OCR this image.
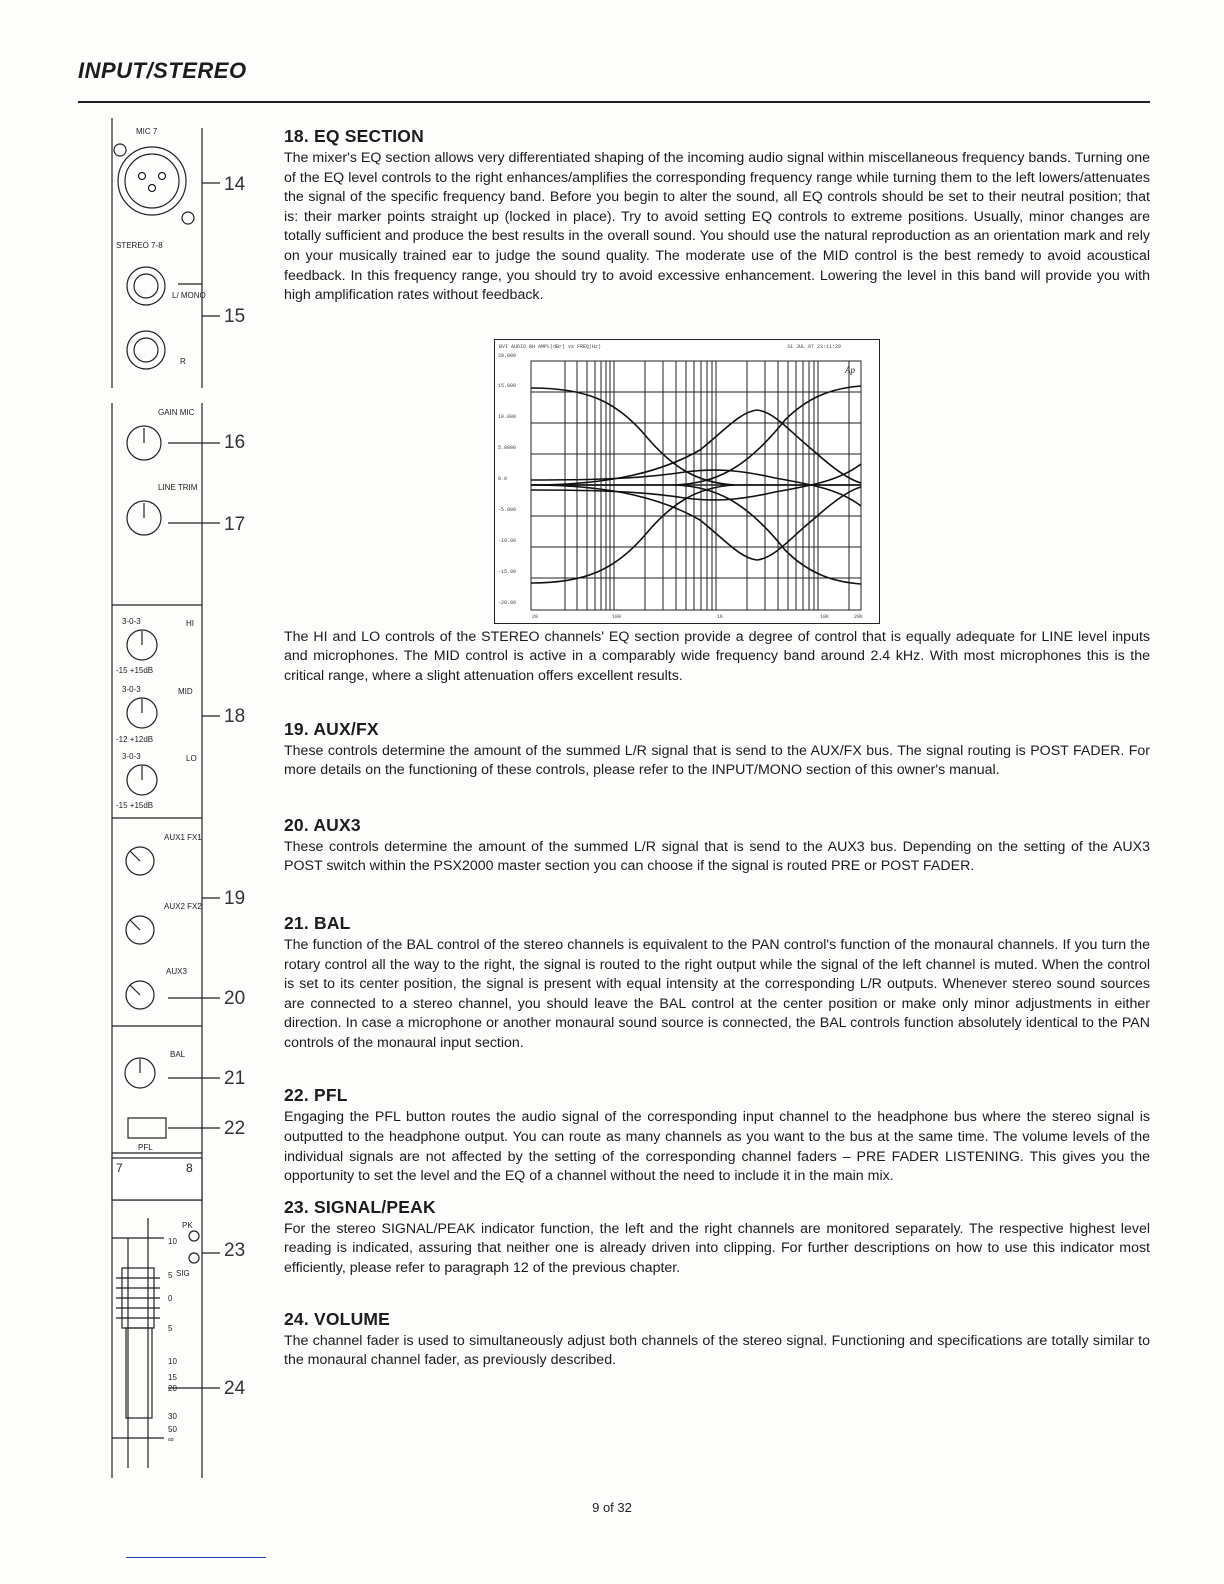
INPUT/STEREO
MIC 7
STEREO 7-8
L/ MONO
R
GAIN MIC
LINE TRIM
HI
3-0-3
-15 +15dB
MID
3-0-3
-12 +12dB
LO
3-0-3
-15 +15dB
AUX1 FX1
AUX2 FX2
AUX3
BAL
PFL
7	8
PK
SIG
10
5
0
5
10
15
20
30
50
∞
14
15
16
17
18
19
20
21
22
23
24
18. EQ SECTION

The mixer's EQ section allows very differentiated shaping of the incoming audio signal within miscellaneous frequency bands. Turning one of the EQ level controls to the right enhances/amplifies the corresponding frequency range while turning them to the left lowers/attenuates the signal of the specific frequency band. Before you begin to alter the sound, all EQ controls should be set to their neutral position; that is: their marker points straight up (locked in place). Try to avoid setting EQ controls to extreme positions. Usually, minor changes are totally sufficient and produce the best results in the overall sound. You should use the natural reproduction as an orientation mark and rely on your musically trained ear to judge the sound quality. The moderate use of the MID control is the best remedy to avoid acoustical feedback. In this frequency range, you should try to avoid excessive enhancement. Lowering the level in this band will provide you with high amplification rates without feedback.

The HI and LO controls of the STEREO channels' EQ section provide a degree of control that is equally adequate for LINE level inputs and microphones. The MID control is active in a comparably wide frequency band around 2.4 kHz. With most microphones this is the critical range, where a slight attenuation offers excellent results.

19. AUX/FX

These controls determine the amount of the summed L/R signal that is send to the AUX/FX bus. The signal routing is POST FADER. For more details on the functioning of these controls, please refer to the INPUT/MONO section of this owner's manual.

20. AUX3

These controls determine the amount of the summed L/R signal that is send to the AUX3 bus. Depending on the setting of the AUX3 POST switch within the PSX2000 master section you can choose if the signal is routed PRE or POST FADER.

21. BAL

The function of the BAL control of the stereo channels is equivalent to the PAN control's function of the monaural channels. If you turn the rotary control all the way to the right, the signal is routed to the right output while the signal of the left channel is muted. When the control is set to its center position, the signal is present with equal intensity at the corresponding L/R outputs. Whenever stereo sound sources are connected to a stereo channel, you should leave the BAL control at the center position or make only minor adjustments in either direction. In case a microphone or another monaural sound source is connected, the BAL controls function absolutely identical to the PAN controls of the monaural input section.

22. PFL

Engaging the PFL button routes the audio signal of the corresponding input channel to the headphone bus where the stereo signal is outputted to the headphone output. You can route as many channels as you want to the bus at the same time. The volume levels of the individual signals are not affected by the setting of the corresponding channel faders – PRE FADER LISTENING. This gives you the opportunity to set the level and the EQ of a channel without the need to include it in the main mix.

23. SIGNAL/PEAK

For the stereo SIGNAL/PEAK indicator function, the left and the right channels are monitored separately. The respective highest level reading is indicated, assuring that neither one is already driven into clipping. For further descriptions on how to use this indicator most efficiently, please refer to paragraph 12 of the previous chapter.

24. VOLUME

The channel fader is used to simultaneously adjust both channels of the stereo signal. Functioning and specifications are totally similar to the monaural channel fader, as previously described.

BVI AUDIO BH AMPL(dBr) vs FREQ(Hz)	31 JUL 97 23:11:29
20.000
15.000
10.000
5.0000
0.0
-5.000
-10.00
-15.00
-20.00
20	100	1k	10k	20k
Ap
9 of 32
